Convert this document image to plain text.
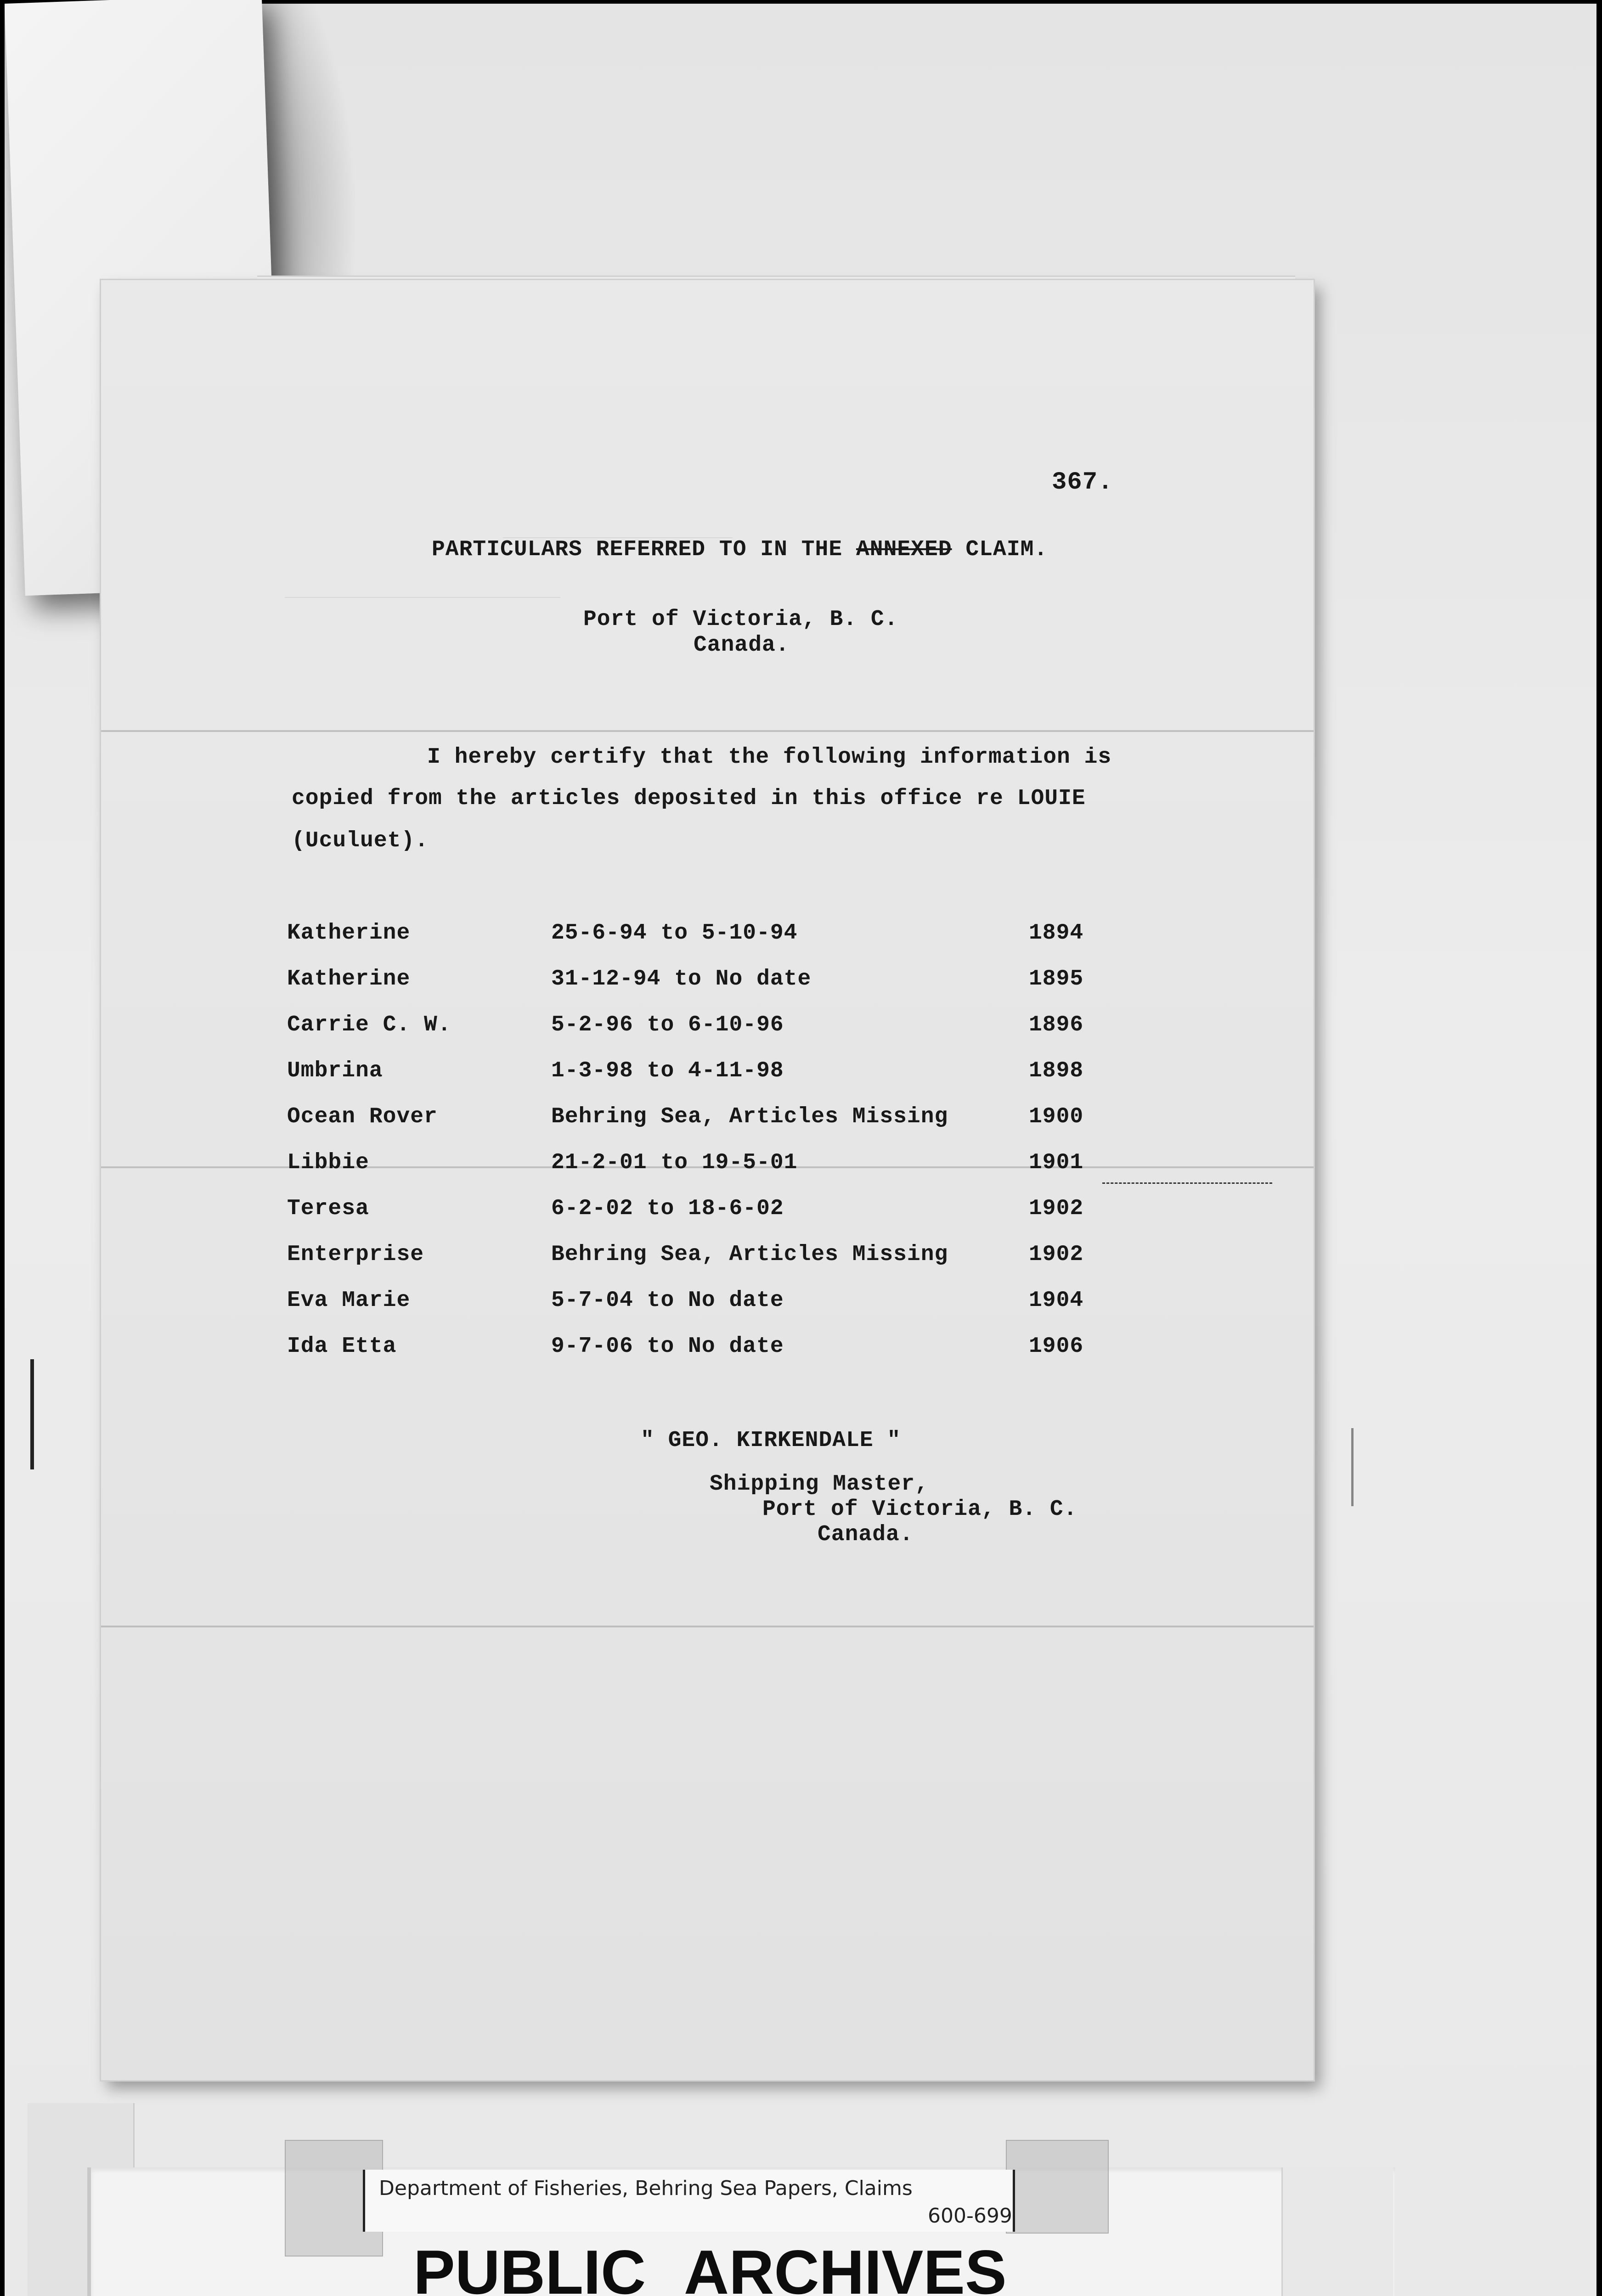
367.
PARTICULARS REFERRED TO IN THE ANNEXED CLAIM.
Port of Victoria, B. C.
Canada.
I hereby certify that the following information is
copied from the articles deposited in this office re LOUIE
(Uculuet).
Katherine	25-6-94 to 5-10-94	1894
Katherine	31-12-94 to No date	1895
Carrie C. W.	5-2-96 to 6-10-96	1896
Umbrina	1-3-98 to 4-11-98	1898
Ocean Rover	Behring Sea, Articles Missing	1900
Libbie	21-2-01 to 19-5-01	1901
Teresa	6-2-02 to 18-6-02	1902
Enterprise	Behring Sea, Articles Missing	1902
Eva Marie	5-7-04 to No date	1904
Ida Etta	9-7-06 to No date	1906
" GEO. KIRKENDALE "
Shipping Master,
Port of Victoria, B. C.
Canada.
Department of Fisheries, Behring Sea Papers, Claims
600-699
PUBLIC ARCHIVES
